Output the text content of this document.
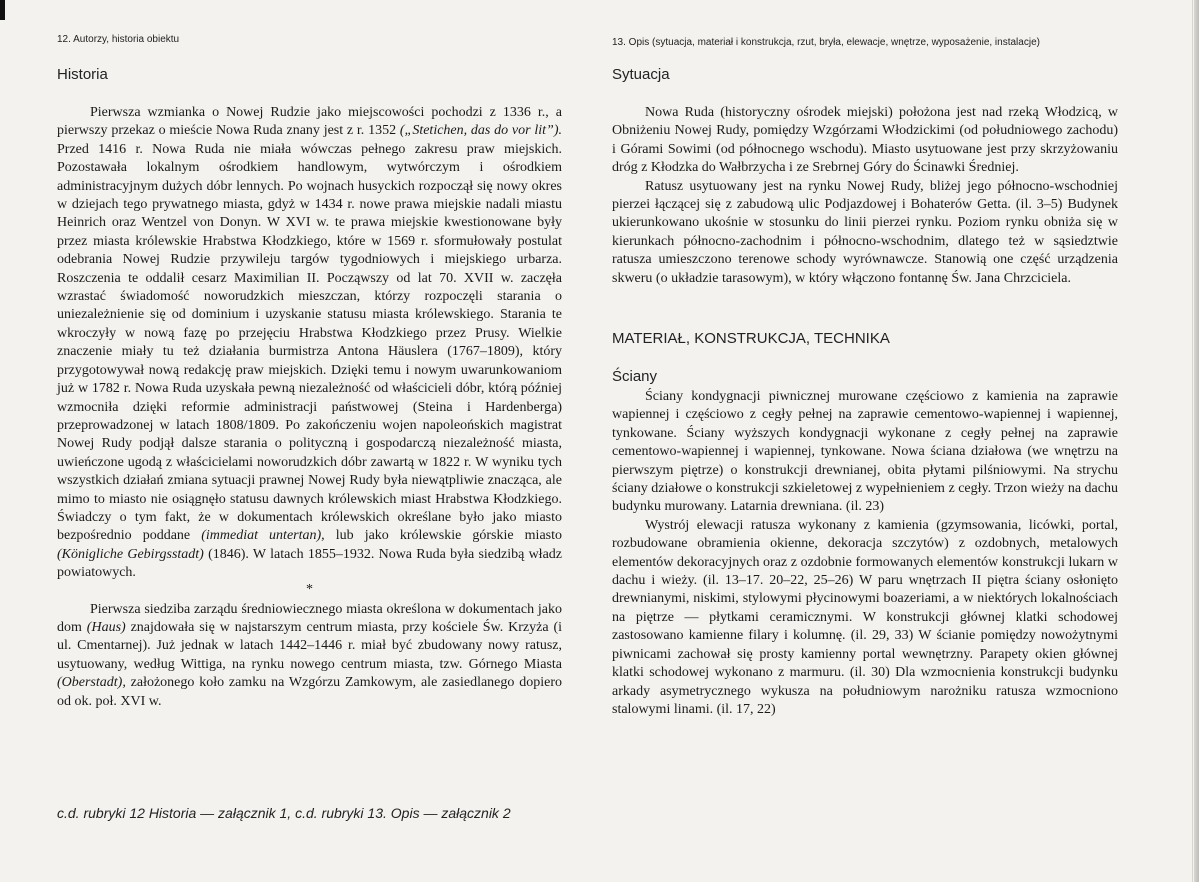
12. Autorzy, historia obiektu
Historia

Pierwsza wzmianka o Nowej Rudzie jako miejscowości pochodzi z 1336 r., a pierwszy przekaz o mieście Nowa Ruda znany jest z r. 1352 („Stetichen, das do vor lit”). Przed 1416 r. Nowa Ruda nie miała wówczas pełnego zakresu praw miejskich. Pozostawała lokalnym ośrodkiem handlowym, wytwórczym i ośrodkiem administracyjnym dużych dóbr lennych. Po wojnach husyckich rozpoczął się nowy okres w dziejach tego prywatnego miasta, gdyż w 1434 r. nowe prawa miejskie nadali miastu Heinrich oraz Wentzel von Donyn. W XVI w. te prawa miejskie kwestionowane były przez miasta królewskie Hrabstwa Kłodzkiego, które w 1569 r. sformułowały postulat odebrania Nowej Rudzie przywileju targów tygodniowych i miejskiego urbarza. Roszczenia te oddalił cesarz Maximilian II. Począwszy od lat 70. XVII w. zaczęła wzrastać świadomość noworudzkich mieszczan, którzy rozpoczęli starania o uniezależnienie się od dominium i uzyskanie statusu miasta królewskiego. Starania te wkroczyły w nową fazę po przejęciu Hrabstwa Kłodzkiego przez Prusy. Wielkie znaczenie miały tu też działania burmistrza Antona Häuslera (1767–1809), który przygotowywał nową redakcję praw miejskich. Dzięki temu i nowym uwarunkowaniom już w 1782 r. Nowa Ruda uzyskała pewną niezależność od właścicieli dóbr, którą później wzmocniła dzięki reformie administracji państwowej (Steina i Hardenberga) przeprowadzonej w latach 1808/1809. Po zakończeniu wojen napoleońskich magistrat Nowej Rudy podjął dalsze starania o polityczną i gospodarczą niezależność miasta, uwieńczone ugodą z właścicielami noworudzkich dóbr zawartą w 1822 r. W wyniku tych wszystkich działań zmiana sytuacji prawnej Nowej Rudy była niewątpliwie znacząca, ale mimo to miasto nie osiągnęło statusu dawnych królewskich miast Hrabstwa Kłodzkiego. Świadczy o tym fakt, że w dokumentach królewskich określane było jako miasto bezpośrednio poddane (immediat untertan), lub jako królewskie górskie miasto (Königliche Gebirgsstadt) (1846). W latach 1855–1932. Nowa Ruda była siedzibą władz powiatowych.

*

Pierwsza siedziba zarządu średniowiecznego miasta określona w dokumentach jako dom (Haus) znajdowała się w najstarszym centrum miasta, przy kościele Św. Krzyża (i ul. Cmentarnej). Już jednak w latach 1442–1446 r. miał być zbudowany nowy ratusz, usytuowany, według Wittiga, na rynku nowego centrum miasta, tzw. Górnego Miasta (Oberstadt), założonego koło zamku na Wzgórzu Zamkowym, ale zasiedlanego dopiero od ok. poł. XVI w.

13. Opis (sytuacja, materiał i konstrukcja, rzut, bryła, elewacje, wnętrze, wyposażenie, instalacje)
Sytuacja

Nowa Ruda (historyczny ośrodek miejski) położona jest nad rzeką Włodzicą, w Obniżeniu Nowej Rudy, pomiędzy Wzgórzami Włodzickimi (od południowego zachodu) i Górami Sowimi (od północnego wschodu). Miasto usytuowane jest przy skrzyżowaniu dróg z Kłodzka do Wałbrzycha i ze Srebrnej Góry do Ścinawki Średniej.

Ratusz usytuowany jest na rynku Nowej Rudy, bliżej jego północno-wschodniej pierzei łączącej się z zabudową ulic Podjazdowej i Bohaterów Getta. (il. 3–5) Budynek ukierunkowano ukośnie w stosunku do linii pierzei rynku. Poziom rynku obniża się w kierunkach północno-zachodnim i północno-wschodnim, dlatego też w sąsiedztwie ratusza umieszczono terenowe schody wyrównawcze. Stanowią one część urządzenia skweru (o układzie tarasowym), w który włączono fontannę Św. Jana Chrzciciela.

MATERIAŁ, KONSTRUKCJA, TECHNIKA
Ściany

Ściany kondygnacji piwnicznej murowane częściowo z kamienia na zaprawie wapiennej i częściowo z cegły pełnej na zaprawie cementowo-wapiennej i wapiennej, tynkowane. Ściany wyższych kondygnacji wykonane z cegły pełnej na zaprawie cementowo-wapiennej i wapiennej, tynkowane. Nowa ściana działowa (we wnętrzu na pierwszym piętrze) o konstrukcji drewnianej, obita płytami pilśniowymi. Na strychu ściany działowe o konstrukcji szkieletowej z wypełnieniem z cegły. Trzon wieży na dachu budynku murowany. Latarnia drewniana. (il. 23)

Wystrój elewacji ratusza wykonany z kamienia (gzymsowania, licówki, portal, rozbudowane obramienia okienne, dekoracja szczytów) z ozdobnych, metalowych elementów dekoracyjnych oraz z ozdobnie formowanych elementów konstrukcji lukarn w dachu i wieży. (il. 13–17. 20–22, 25–26) W paru wnętrzach II piętra ściany osłonięto drewnianymi, niskimi, stylowymi płycinowymi boazeriami, a w niektórych lokalnościach na piętrze — płytkami ceramicznymi. W konstrukcji głównej klatki schodowej zastosowano kamienne filary i kolumnę. (il. 29, 33) W ścianie pomiędzy nowożytnymi piwnicami zachował się prosty kamienny portal wewnętrzny. Parapety okien głównej klatki schodowej wykonano z marmuru. (il. 30) Dla wzmocnienia konstrukcji budynku arkady asymetrycznego wykusza na południowym narożniku ratusza wzmocniono stalowymi linami. (il. 17, 22)

c.d. rubryki 12 Historia — załącznik 1, c.d. rubryki 13. Opis — załącznik 2
